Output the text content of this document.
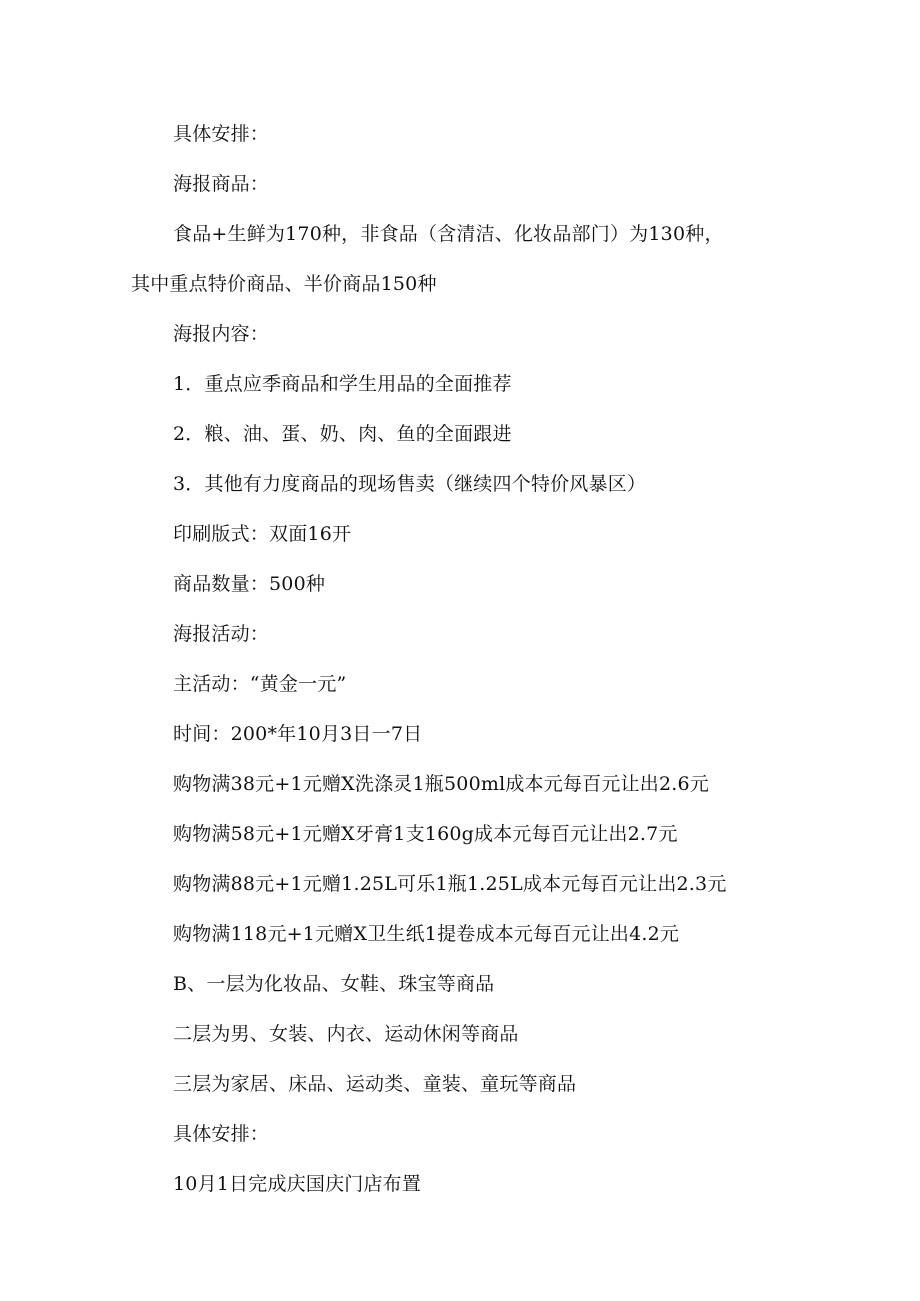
具体安排：
海报商品：
食品+生鲜为170种，非食品（含清洁、化妆品部门）为130种，
其中重点特价商品、半价商品150种
海报内容：
1．重点应季商品和学生用品的全面推荐
2．粮、油、蛋、奶、肉、鱼的全面跟进
3．其他有力度商品的现场售卖（继续四个特价风暴区）
印刷版式：双面16开
商品数量：500种
海报活动：
主活动：“黄金一元”
时间：200*年10月3日一7日
购物满38元+1元赠X洗涤灵1瓶500ml成本元每百元让出2.6元
购物满58元+1元赠X牙膏1支160g成本元每百元让出2.7元
购物满88元+1元赠1.25L可乐1瓶1.25L成本元每百元让出2.3元
购物满118元+1元赠X卫生纸1提卷成本元每百元让出4.2元
B、一层为化妆品、女鞋、珠宝等商品
二层为男、女装、内衣、运动休闲等商品
三层为家居、床品、运动类、童装、童玩等商品
具体安排：
10月1日完成庆国庆门店布置
